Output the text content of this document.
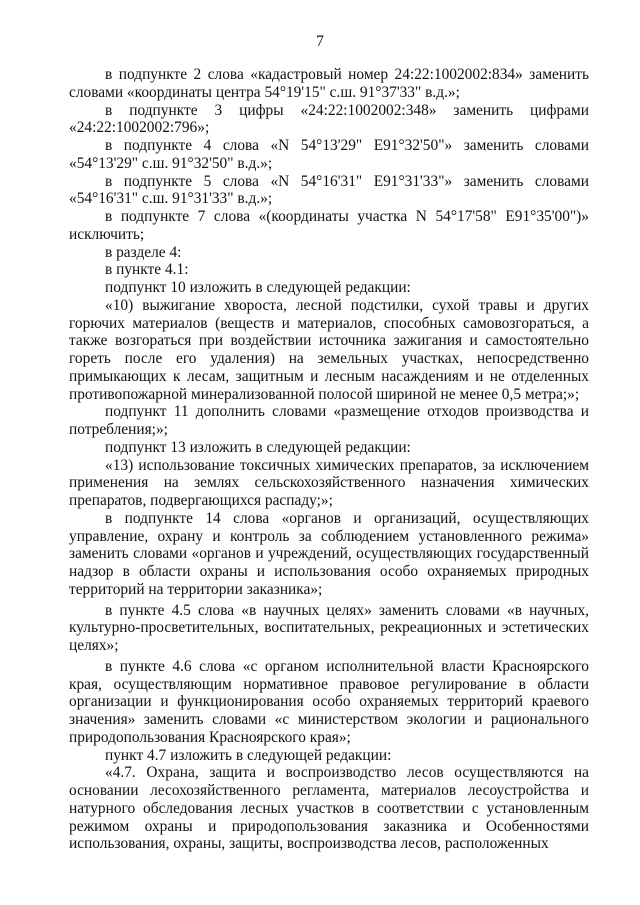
7

в подпункте 2 слова «кадастровый номер 24:22:1002002:834» заменить словами «координаты центра 54°19'15" с.ш. 91°37'33" в.д.»;

в подпункте 3 цифры «24:22:1002002:348» заменить цифрами «24:22:1002002:796»;

в подпункте 4 слова «N 54°13'29" E91°32'50"» заменить словами «54°13'29" с.ш. 91°32'50" в.д.»;

в подпункте 5 слова «N 54°16'31" E91°31'33"» заменить словами «54°16'31" с.ш. 91°31'33" в.д.»;

в подпункте 7 слова «(координаты участка N 54°17'58" E91°35'00")» исключить;

в разделе 4:

в пункте 4.1:

подпункт 10 изложить в следующей редакции:

«10) выжигание хвороста, лесной подстилки, сухой травы и других горючих материалов (веществ и материалов, способных самовозгораться, а также возгораться при воздействии источника зажигания и самостоятельно гореть после его удаления) на земельных участках, непосредственно примыкающих к лесам, защитным и лесным насаждениям и не отделенных противопожарной минерализованной полосой шириной не менее 0,5 метра;»;

подпункт 11 дополнить словами «размещение отходов производства и потребления;»;

подпункт 13 изложить в следующей редакции:

«13) использование токсичных химических препаратов, за исключением применения на землях сельскохозяйственного назначения химических препаратов, подвергающихся распаду;»;

в подпункте 14 слова «органов и организаций, осуществляющих управление, охрану и контроль за соблюдением установленного режима» заменить словами «органов и учреждений, осуществляющих государственный надзор в области охраны и использования особо охраняемых природных территорий на территории заказника»;

в пункте 4.5 слова «в научных целях» заменить словами «в научных, культурно-просветительных, воспитательных, рекреационных и эстетических целях»;

в пункте 4.6 слова «с органом исполнительной власти Красноярского края, осуществляющим нормативное правовое регулирование в области организации и функционирования особо охраняемых территорий краевого значения» заменить словами «с министерством экологии и рационального природопользования Красноярского края»;

пункт 4.7 изложить в следующей редакции:

«4.7. Охрана, защита и воспроизводство лесов осуществляются на основании лесохозяйственного регламента, материалов лесоустройства и натурного обследования лесных участков в соответствии с установленным режимом охраны и природопользования заказника и Особенностями использования, охраны, защиты, воспроизводства лесов, расположенных
